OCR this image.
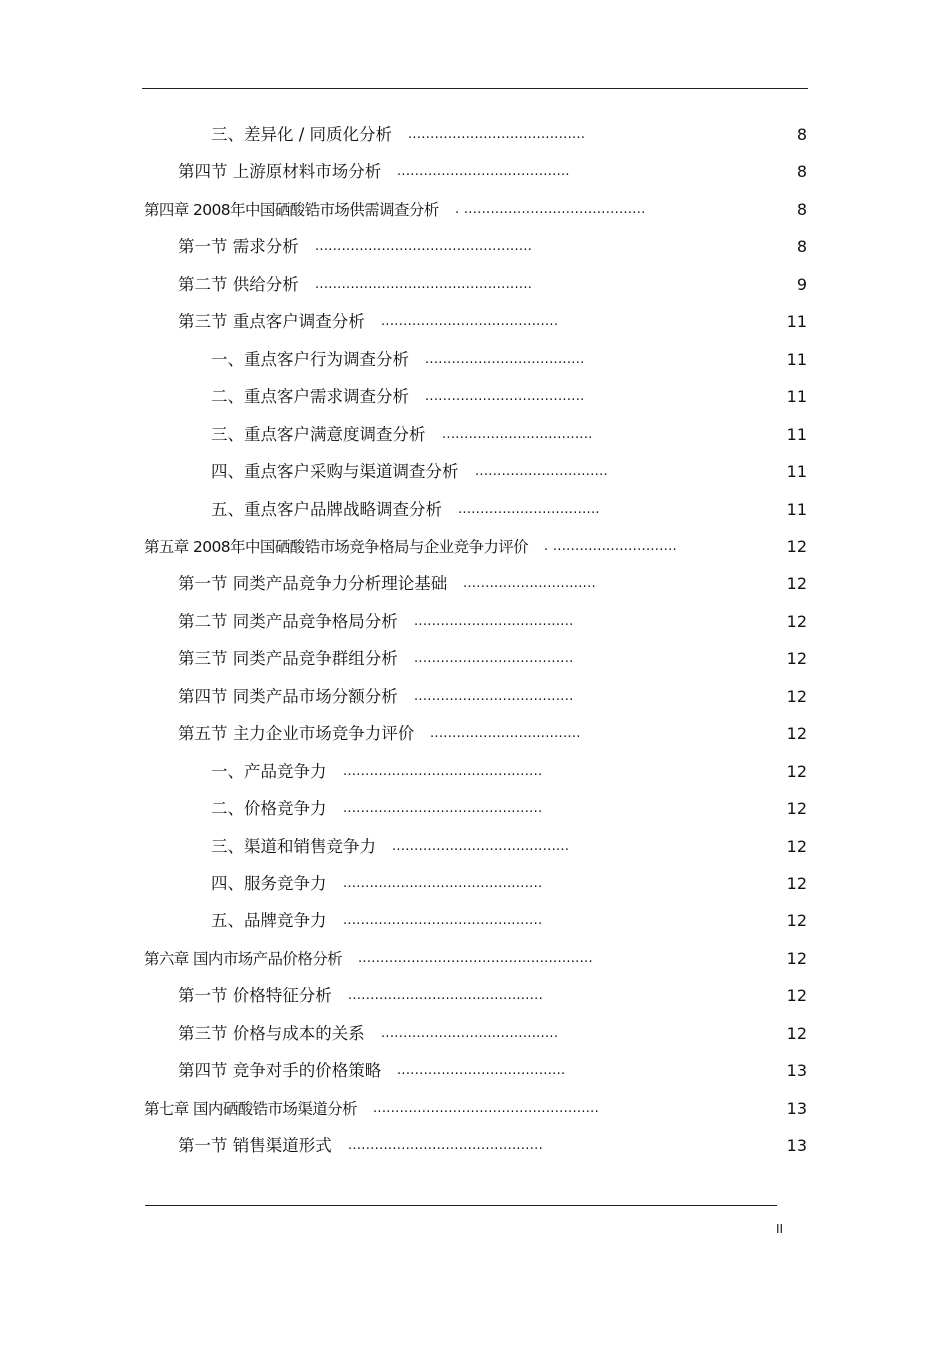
三、差异化 / 同质化分析 ........................................	8
第四节 上游原材料市场分析 .......................................	8
第四章 2008年中国硒酸锆市场供需调查分析 . .........................................	8
第一节 需求分析 .................................................	8
第二节 供给分析 .................................................	9
第三节 重点客户调查分析 ........................................	11
一、重点客户行为调查分析 ....................................	11
二、重点客户需求调查分析 ....................................	11
三、重点客户满意度调查分析 ..................................	11
四、重点客户采购与渠道调查分析 ..............................	11
五、重点客户品牌战略调查分析 ................................	11
第五章 2008年中国硒酸锆市场竞争格局与企业竞争力评价 . ............................	12
第一节 同类产品竞争力分析理论基础 ..............................	12
第二节 同类产品竞争格局分析 ....................................	12
第三节 同类产品竞争群组分析 ....................................	12
第四节 同类产品市场分额分析 ....................................	12
第五节 主力企业市场竞争力评价 ..................................	12
一、产品竞争力 .............................................	12
二、价格竞争力 .............................................	12
三、渠道和销售竞争力 ........................................	12
四、服务竞争力 .............................................	12
五、品牌竞争力 .............................................	12
第六章 国内市场产品价格分析 .....................................................	12
第一节 价格特征分析 ............................................	12
第三节 价格与成本的关系 ........................................	12
第四节 竞争对手的价格策略 ......................................	13
第七章 国内硒酸锆市场渠道分析 ...................................................	13
第一节 销售渠道形式 ............................................	13
II
